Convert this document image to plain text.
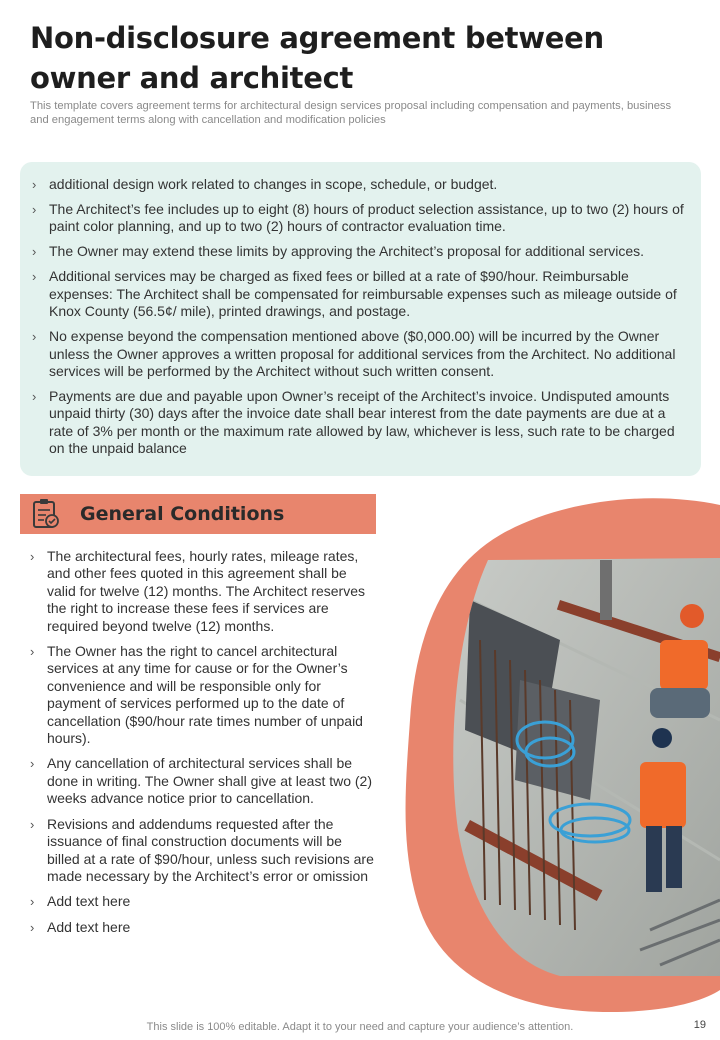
Non-disclosure agreement between owner and architect

This template covers agreement terms for architectural design services proposal including compensation and payments, business and engagement terms along with cancellation and modification policies

› additional design work related to changes in scope, schedule, or budget.
› The Architect’s fee includes up to eight (8) hours of product selection assistance, up to two (2) hours of paint color planning, and up to two (2) hours of contractor evaluation time.
› The Owner may extend these limits by approving the Architect’s proposal for additional services.
› Additional services may be charged as fixed fees or billed at a rate of $90/hour. Reimbursable expenses: The Architect shall be compensated for reimbursable expenses such as mileage outside of Knox County (56.5¢/ mile), printed drawings, and postage.
› No expense beyond the compensation mentioned above ($0,000.00) will be incurred by the Owner unless the Owner approves a written proposal for additional services from the Architect. No additional services will be performed by the Architect without such written consent.
› Payments are due and payable upon Owner’s receipt of the Architect’s invoice. Undisputed amounts unpaid thirty (30) days after the invoice date shall bear interest from the date payments are due at a rate of 3% per month or the maximum rate allowed by law, whichever is less, such rate to be charged on the unpaid balance
General Conditions
› The architectural fees, hourly rates, mileage rates, and other fees quoted in this agreement shall be valid for twelve (12) months. The Architect reserves the right to increase these fees if services are required beyond twelve (12) months.
› The Owner has the right to cancel architectural services at any time for cause or for the Owner’s convenience and will be responsible only for payment of services performed up to the date of cancellation ($90/hour rate times number of unpaid hours).
› Any cancellation of architectural services shall be done in writing. The Owner shall give at least two (2) weeks advance notice prior to cancellation.
› Revisions and addendums requested after the issuance of final construction documents will be billed at a rate of $90/hour, unless such revisions are made necessary by the Architect’s error or omission
› Add text here
› Add text here
This slide is 100% editable. Adapt it to your need and capture your audience’s attention.	19
